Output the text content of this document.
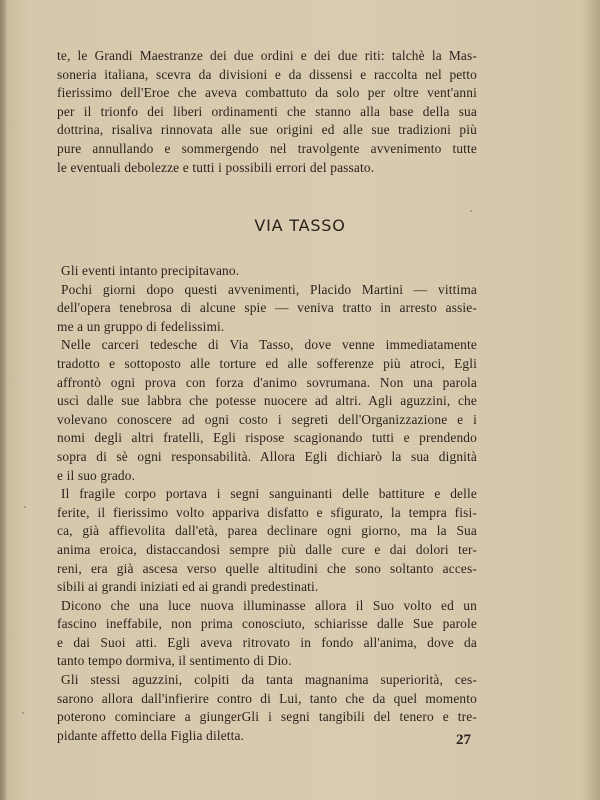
te, le Grandi Maestranze dei due ordini e dei due riti: talchè la Mas-
soneria italiana, scevra da divisioni e da dissensi e raccolta nel petto
fierissimo dell'Eroe che aveva combattuto da solo per oltre vent'anni
per il trionfo dei liberi ordinamenti che stanno alla base della sua
dottrina, risaliva rinnovata alle sue origini ed alle sue tradizioni più
pure annullando e sommergendo nel travolgente avvenimento tutte
le eventuali debolezze e tutti i possibili errori del passato.
VIA TASSO
Gli eventi intanto precipitavano.
Pochi giorni dopo questi avvenimenti, Placido Martini — vittima
dell'opera tenebrosa di alcune spie — veniva tratto in arresto assie-
me a un gruppo di fedelissimi.
Nelle carceri tedesche di Via Tasso, dove venne immediatamente
tradotto e sottoposto alle torture ed alle sofferenze più atroci, Egli
affrontò ogni prova con forza d'animo sovrumana. Non una parola
uscì dalle sue labbra che potesse nuocere ad altri. Agli aguzzini, che
volevano conoscere ad ogni costo i segreti dell'Organizzazione e i
nomi degli altri fratelli, Egli rispose scagionando tutti e prendendo
sopra di sè ogni responsabilità. Allora Egli dichiarò la sua dignità
e il suo grado.
Il fragile corpo portava i segni sanguinanti delle battiture e delle
ferite, il fierissimo volto appariva disfatto e sfigurato, la tempra fisi-
ca, già affievolita dall'età, parea declinare ogni giorno, ma la Sua
anima eroica, distaccandosi sempre più dalle cure e dai dolori ter-
reni, era già ascesa verso quelle altitudini che sono soltanto acces-
sibili ai grandi iniziati ed ai grandi predestinati.
Dicono che una luce nuova illuminasse allora il Suo volto ed un
fascino ineffabile, non prima conosciuto, schiarisse dalle Sue parole
e dai Suoi atti. Egli aveva ritrovato in fondo all'anima, dove da
tanto tempo dormiva, il sentimento di Dio.
Gli stessi aguzzini, colpiti da tanta magnanima superiorità, ces-
sarono allora dall'infierire contro di Lui, tanto che da quel momento
poterono cominciare a giungerGli i segni tangibili del tenero e tre-
pidante affetto della Figlia diletta.	27
